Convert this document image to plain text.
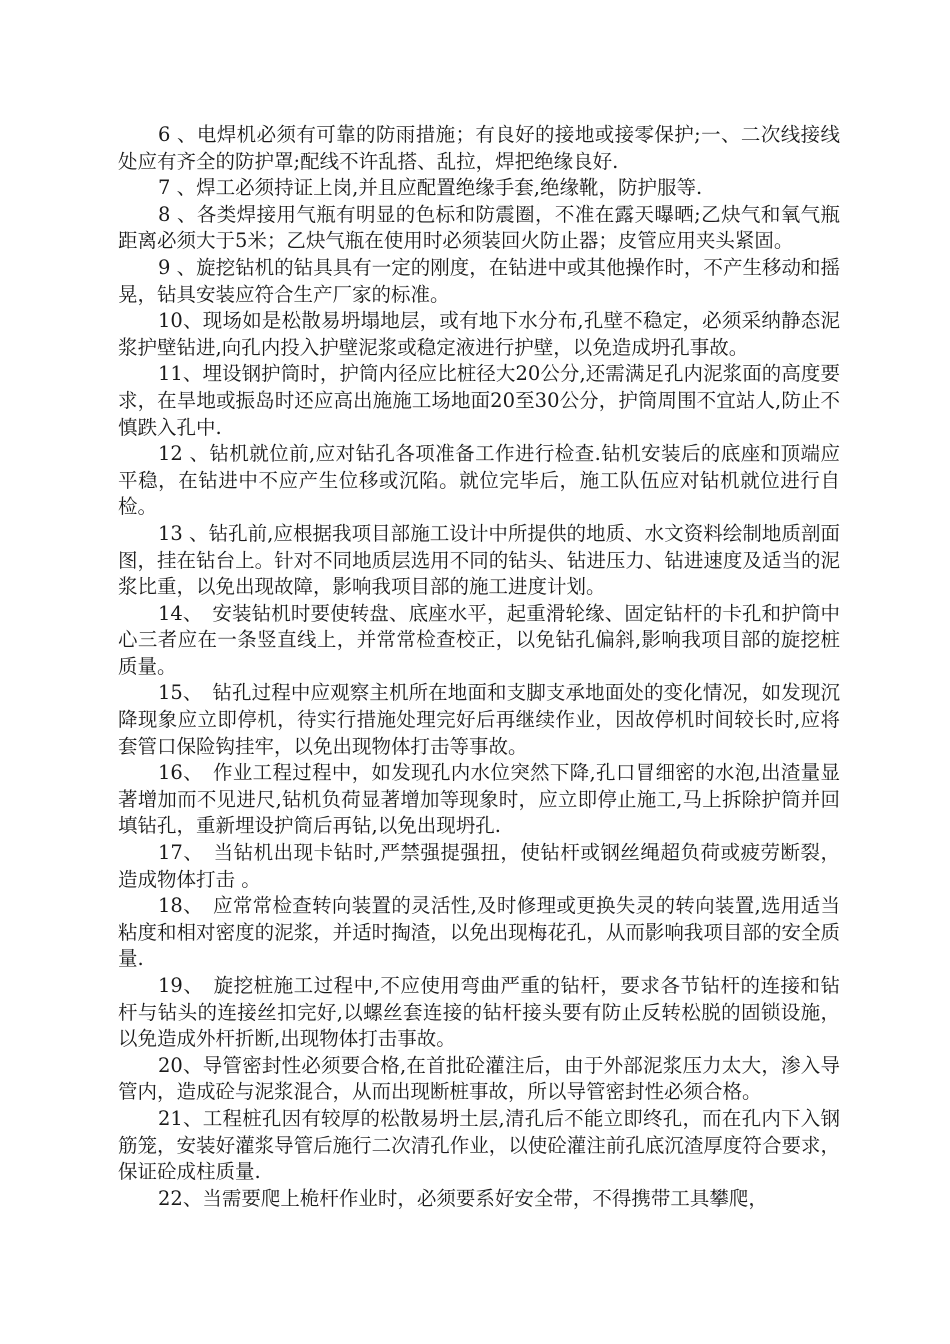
6 、电焊机必须有可靠的防雨措施；有良好的接地或接零保护;一、二次线接线处应有齐全的防护罩;配线不许乱搭、乱拉，焊把绝缘良好.

7 、焊工必须持证上岗,并且应配置绝缘手套,绝缘靴，防护服等.

8 、各类焊接用气瓶有明显的色标和防震圈，不准在露天曝晒;乙炔气和氧气瓶距离必须大于5米；乙炔气瓶在使用时必须装回火防止器；皮管应用夹头紧固。

9 、旋挖钻机的钻具具有一定的刚度，在钻进中或其他操作时，不产生移动和摇晃，钻具安装应符合生产厂家的标准。

10、现场如是松散易坍塌地层，或有地下水分布,孔壁不稳定，必须采纳静态泥浆护壁钻进,向孔内投入护壁泥浆或稳定液进行护壁，以免造成坍孔事故。

11、埋设钢护筒时，护筒内径应比桩径大20公分,还需满足孔内泥浆面的高度要求，在旱地或振岛时还应高出施施工场地面20至30公分，护筒周围不宜站人,防止不慎跌入孔中.

12 、钻机就位前,应对钻孔各项准备工作进行检查.钻机安装后的底座和顶端应平稳，在钻进中不应产生位移或沉陷。就位完毕后，施工队伍应对钻机就位进行自检。

13 、钻孔前,应根据我项目部施工设计中所提供的地质、水文资料绘制地质剖面图，挂在钻台上。针对不同地质层选用不同的钻头、钻进压力、钻进速度及适当的泥浆比重，以免出现故障，影响我项目部的施工进度计划。

14、　安装钻机时要使转盘、底座水平，起重滑轮缘、固定钻杆的卡孔和护筒中心三者应在一条竖直线上，并常常检查校正，以免钻孔偏斜,影响我项目部的旋挖桩质量。

15、　钻孔过程中应观察主机所在地面和支脚支承地面处的变化情况，如发现沉降现象应立即停机，待实行措施处理完好后再继续作业，因故停机时间较长时,应将套管口保险钩挂牢，以免出现物体打击等事故。

16、　作业工程过程中，如发现孔内水位突然下降,孔口冒细密的水泡,出渣量显著增加而不见进尺,钻机负荷显著增加等现象时，应立即停止施工,马上拆除护筒并回填钻孔，重新埋设护筒后再钻,以免出现坍孔.

17、　当钻机出现卡钻时,严禁强提强扭，使钻杆或钢丝绳超负荷或疲劳断裂，造成物体打击 。

18、　应常常检查转向装置的灵活性,及时修理或更换失灵的转向装置,选用适当粘度和相对密度的泥浆，并适时掏渣，以免出现梅花孔，从而影响我项目部的安全质量.

19、　旋挖桩施工过程中,不应使用弯曲严重的钻杆，要求各节钻杆的连接和钻杆与钻头的连接丝扣完好,以螺丝套连接的钻杆接头要有防止反转松脱的固锁设施，以免造成外杆折断,出现物体打击事故。

20、导管密封性必须要合格,在首批砼灌注后，由于外部泥浆压力太大，渗入导管内，造成砼与泥浆混合，从而出现断桩事故，所以导管密封性必须合格。

21、工程桩孔因有较厚的松散易坍土层,清孔后不能立即终孔，而在孔内下入钢筋笼，安装好灌浆导管后施行二次清孔作业，以使砼灌注前孔底沉渣厚度符合要求，保证砼成柱质量.

22、当需要爬上桅杆作业时，必须要系好安全带，不得携带工具攀爬，
